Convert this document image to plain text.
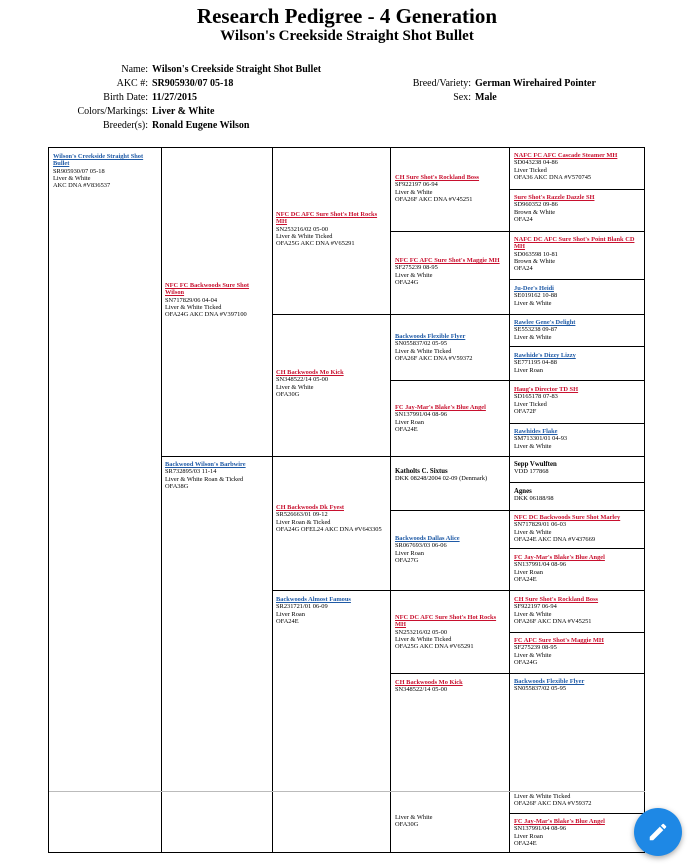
Research Pedigree - 4 Generation
Wilson's Creekside Straight Shot Bullet
Name:
AKC #:
Birth Date:
Colors/Markings:
Breeder(s):
Wilson's Creekside Straight Shot Bullet
SR905930/07 05-18
11/27/2015
Liver & White
Ronald Eugene Wilson
Breed/Variety:
Sex:
German Wirehaired Pointer
Male
Wilson's Creekside Straight Shot Bullet
SR905930/07 05-18
Liver & White
AKC DNA #V836537
NFC FC Backwoods Sure Shot Wilson
SN717829/06 04-04
Liver & White Ticked
OFA24G AKC DNA #V397100
Backwood Wilson's Barbwire
SR732895/03 11-14
Liver & White Roan & Ticked
OFA38G
NFC DC AFC Sure Shot's Hot Rocks MH
SN253216/02 05-00
Liver & White Ticked
OFA25G AKC DNA #V65291
CH Backwoods Mo Kick
SN348522/14 05-00
Liver & White
OFA30G
CH Backwoods Dk Fyest
SR526663/01 09-12
Liver Roan & Ticked
OFA24G OFEL24 AKC DNA #V643305
Backwoods Almost Famous
SR231721/01 06-09
Liver Roan
OFA24E
CH Sure Shot's Rockland Boss
SF922197 06-94
Liver & White
OFA26F AKC DNA #V45251
NFC FC AFC Sure Shot's Maggie MH
SF275239 08-95
Liver & White
OFA24G
Backwoods Flexible Flyer
SN055837/02 05-95
Liver & White Ticked
OFA26F AKC DNA #V59372
FC Jay-Mar's Blake's Blue Angel
SN137991/04 08-96
Liver Roan
OFA24E
Katholts C. Sixtus
DKK 08248/2004 02-09 (Denmark)
Backwoods Dallas Alice
SR067693/03 06-06
Liver Roan
OFA27G
NFC DC AFC Sure Shot's Hot Rocks MH
SN253216/02 05-00
Liver & White Ticked
OFA25G AKC DNA #V65291
CH Backwoods Mo Kick
SN348522/14 05-00
Liver & White
OFA30G
NAFC FC AFC Cascade Steamer MH
SD043238 04-86
Liver Ticked
OFA36 AKC DNA #V570745
Sure Shot's Razzle Dazzle SH
SD960352 09-86
Brown & White
OFA24
NAFC DC AFC Sure Shot's Point Blank CD MH
SD063598 10-81
Brown & White
OFA24
Ju-Dee's Heidi
SE019162 10-88
Liver & White
Rawlee Gene's Delight
SE553238 09-87
Liver & White
Rawhide's Dizzy Lizzy
SE771195 04-88
Liver Roan
Haug's Director TD SH
SD165178 07-83
Liver Ticked
OFA72F
Rawhides Flake
SM713301/01 04-93
Liver & White
Sepp Vwulften
VDD 177868
Agnes
DKK 06188/98
NFC DC Backwoods Sure Shot Marley
SN717829/01 06-03
Liver & White
OFA24E AKC DNA #V437669
FC Jay-Mar's Blake's Blue Angel
SN137991/04 08-96
Liver Roan
OFA24E
CH Sure Shot's Rockland Boss
SF922197 06-94
Liver & White
OFA26F AKC DNA #V45251
FC AFC Sure Shot's Maggie MH
SF275239 08-95
Liver & White
OFA24G
Backwoods Flexible Flyer
SN055837/02 05-95
Liver & White Ticked
OFA26F AKC DNA #V59372
FC Jay-Mar's Blake's Blue Angel
SN137991/04 08-96
Liver Roan
OFA24E
